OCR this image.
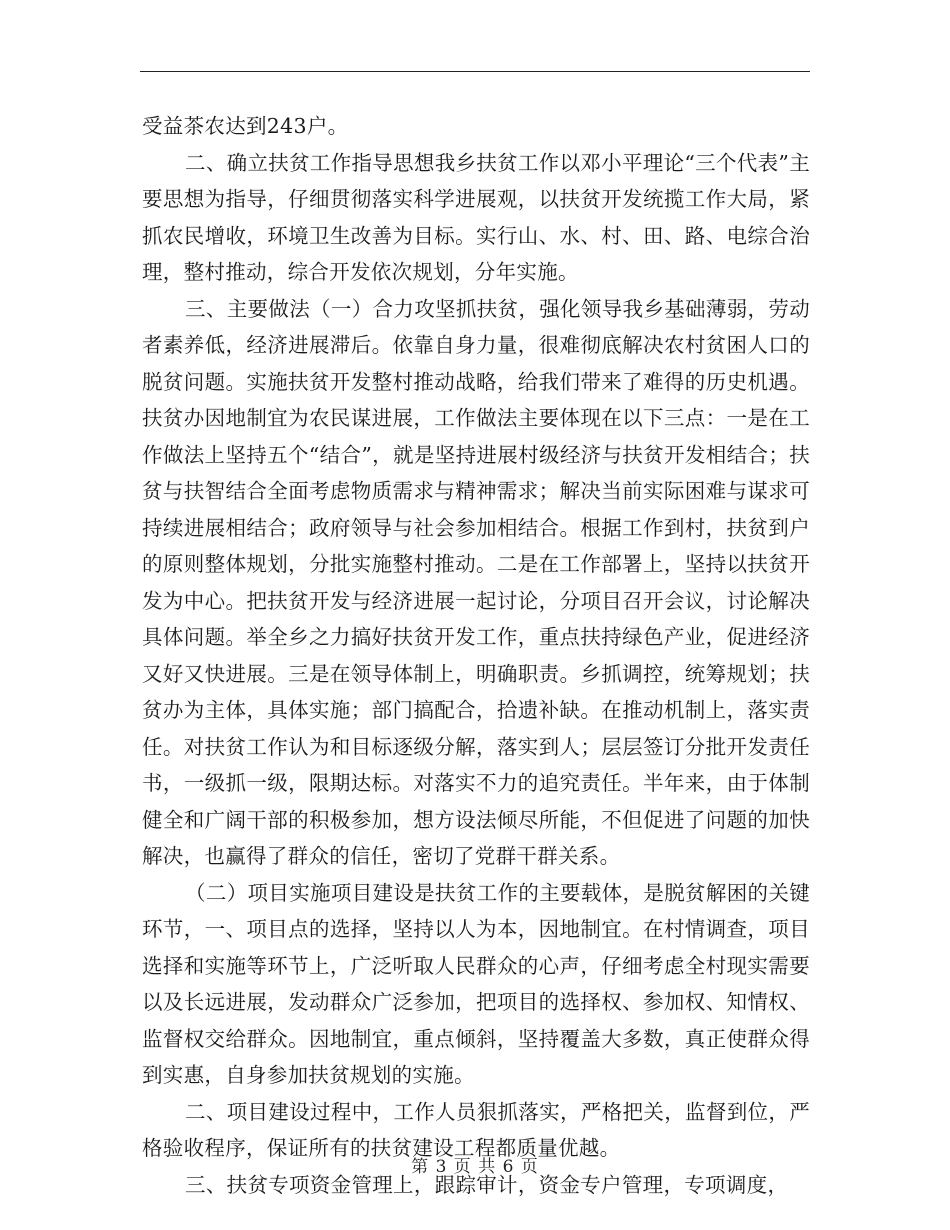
受益茶农达到243户。

二、确立扶贫工作指导思想我乡扶贫工作以邓小平理论“三个代表”主要思想为指导，仔细贯彻落实科学进展观，以扶贫开发统揽工作大局，紧抓农民增收，环境卫生改善为目标。实行山、水、村、田、路、电综合治理，整村推动，综合开发依次规划，分年实施。

三、主要做法（一）合力攻坚抓扶贫，强化领导我乡基础薄弱，劳动者素养低，经济进展滞后。依靠自身力量，很难彻底解决农村贫困人口的脱贫问题。实施扶贫开发整村推动战略，给我们带来了难得的历史机遇。扶贫办因地制宜为农民谋进展，工作做法主要体现在以下三点：一是在工作做法上坚持五个“结合”，就是坚持进展村级经济与扶贫开发相结合；扶贫与扶智结合全面考虑物质需求与精神需求；解决当前实际困难与谋求可持续进展相结合；政府领导与社会参加相结合。根据工作到村，扶贫到户的原则整体规划，分批实施整村推动。二是在工作部署上，坚持以扶贫开发为中心。把扶贫开发与经济进展一起讨论，分项目召开会议，讨论解决具体问题。举全乡之力搞好扶贫开发工作，重点扶持绿色产业，促进经济又好又快进展。三是在领导体制上，明确职责。乡抓调控，统筹规划；扶贫办为主体，具体实施；部门搞配合，拾遗补缺。在推动机制上，落实责任。对扶贫工作认为和目标逐级分解，落实到人；层层签订分批开发责任书，一级抓一级，限期达标。对落实不力的追究责任。半年来，由于体制健全和广阔干部的积极参加，想方设法倾尽所能，不但促进了问题的加快解决，也赢得了群众的信任，密切了党群干群关系。

（二）项目实施项目建设是扶贫工作的主要载体，是脱贫解困的关键环节，一、项目点的选择，坚持以人为本，因地制宜。在村情调查，项目选择和实施等环节上，广泛听取人民群众的心声，仔细考虑全村现实需要以及长远进展，发动群众广泛参加，把项目的选择权、参加权、知情权、监督权交给群众。因地制宜，重点倾斜，坚持覆盖大多数，真正使群众得到实惠，自身参加扶贫规划的实施。

二、项目建设过程中，工作人员狠抓落实，严格把关，监督到位，严格验收程序，保证所有的扶贫建设工程都质量优越。

三、扶贫专项资金管理上，跟踪审计，资金专户管理，专项调度，

第 3 页 共 6 页
